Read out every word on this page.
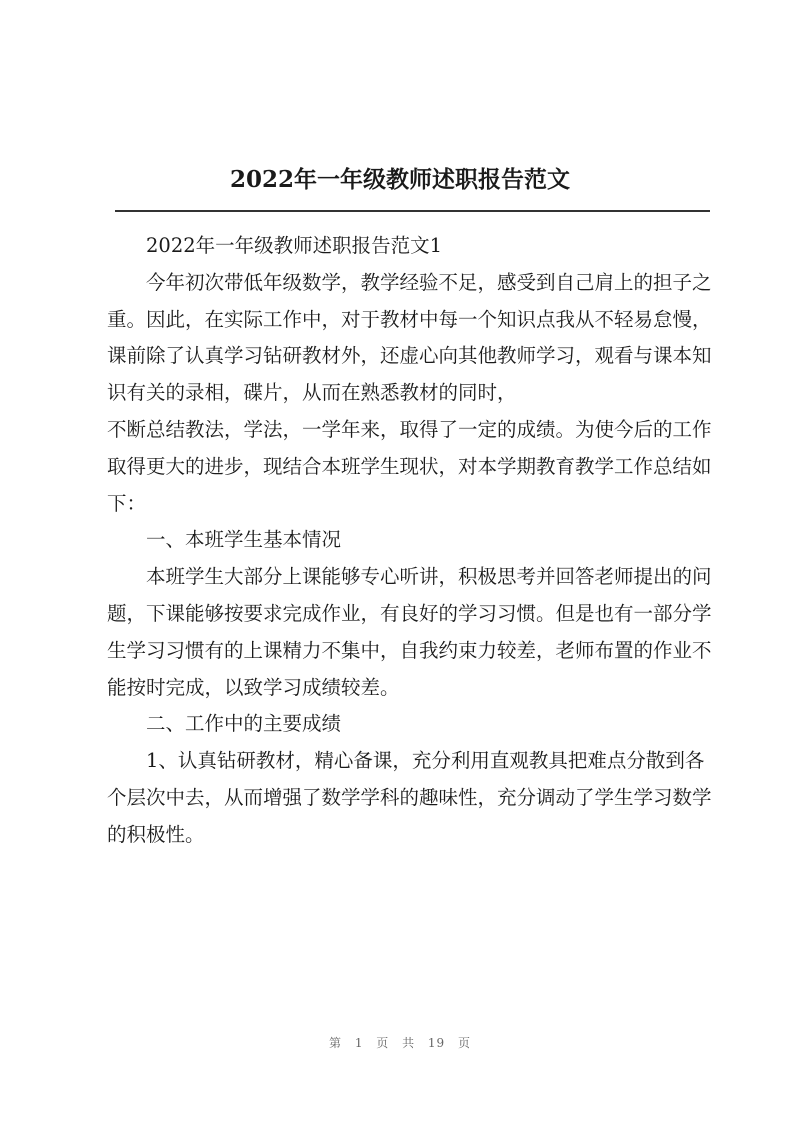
2022年一年级教师述职报告范文

2022年一年级教师述职报告范文1

今年初次带低年级数学，教学经验不足，感受到自己肩上的担子之重。因此，在实际工作中，对于教材中每一个知识点我从不轻易怠慢，课前除了认真学习钻研教材外，还虚心向其他教师学习，观看与课本知识有关的录相，碟片，从而在熟悉教材的同时，

不断总结教法，学法，一学年来，取得了一定的成绩。为使今后的工作取得更大的进步，现结合本班学生现状，对本学期教育教学工作总结如下：

一、本班学生基本情况

本班学生大部分上课能够专心听讲，积极思考并回答老师提出的问题，下课能够按要求完成作业，有良好的学习习惯。但是也有一部分学生学习习惯有的上课精力不集中，自我约束力较差，老师布置的作业不能按时完成，以致学习成绩较差。

二、工作中的主要成绩

1、认真钻研教材，精心备课，充分利用直观教具把难点分散到各个层次中去，从而增强了数学学科的趣味性，充分调动了学生学习数学的积极性。

第 1 页 共 19 页
